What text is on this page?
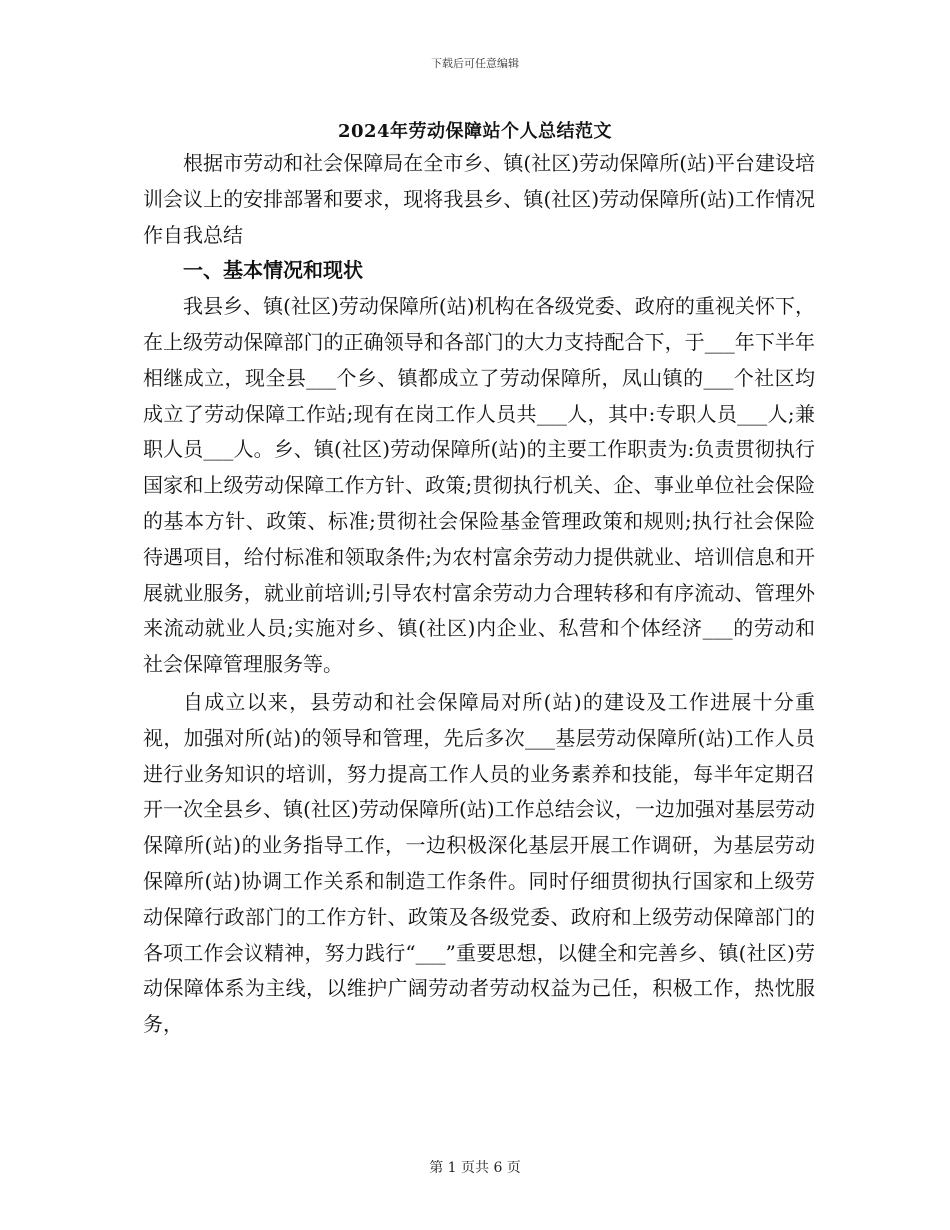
下载后可任意编辑
2024年劳动保障站个人总结范文

根据市劳动和社会保障局在全市乡、镇(社区)劳动保障所(站)平台建设培训会议上的安排部署和要求，现将我县乡、镇(社区)劳动保障所(站)工作情况作自我总结

一、基本情况和现状

我县乡、镇(社区)劳动保障所(站)机构在各级党委、政府的重视关怀下，在上级劳动保障部门的正确领导和各部门的大力支持配合下，于___年下半年相继成立，现全县___个乡、镇都成立了劳动保障所，凤山镇的___个社区均成立了劳动保障工作站;现有在岗工作人员共___人，其中:专职人员___人;兼职人员___人。乡、镇(社区)劳动保障所(站)的主要工作职责为:负责贯彻执行国家和上级劳动保障工作方针、政策;贯彻执行机关、企、事业单位社会保险的基本方针、政策、标准;贯彻社会保险基金管理政策和规则;执行社会保险待遇项目，给付标准和领取条件;为农村富余劳动力提供就业、培训信息和开展就业服务，就业前培训;引导农村富余劳动力合理转移和有序流动、管理外来流动就业人员;实施对乡、镇(社区)内企业、私营和个体经济___的劳动和社会保障管理服务等。

自成立以来，县劳动和社会保障局对所(站)的建设及工作进展十分重视，加强对所(站)的领导和管理，先后多次___基层劳动保障所(站)工作人员进行业务知识的培训，努力提高工作人员的业务素养和技能，每半年定期召开一次全县乡、镇(社区)劳动保障所(站)工作总结会议，一边加强对基层劳动保障所(站)的业务指导工作，一边积极深化基层开展工作调研，为基层劳动保障所(站)协调工作关系和制造工作条件。同时仔细贯彻执行国家和上级劳动保障行政部门的工作方针、政策及各级党委、政府和上级劳动保障部门的各项工作会议精神，努力践行“___”重要思想，以健全和完善乡、镇(社区)劳动保障体系为主线，以维护广阔劳动者劳动权益为己任，积极工作，热忱服务，

第 1 页共 6 页
